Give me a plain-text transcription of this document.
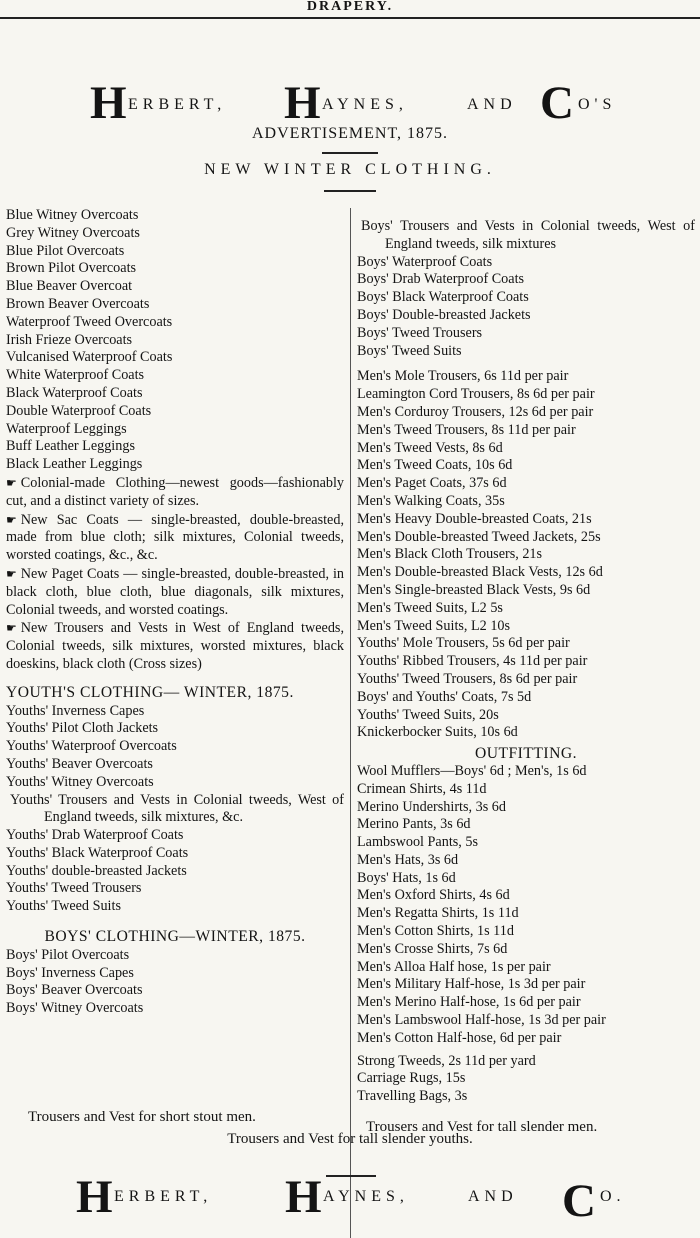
DRAPERY.
H ERBERT, H AYNES,	AND C O'S
ADVERTISEMENT, 1875.
NEW WINTER CLOTHING.
Blue Witney Overcoats
Grey Witney Overcoats
Blue Pilot Overcoats
Brown Pilot Overcoats
Blue Beaver Overcoat
Brown Beaver Overcoats
Waterproof Tweed Overcoats
Irish Frieze Overcoats
Vulcanised Waterproof Coats
White Waterproof Coats
Black Waterproof Coats
Double Waterproof Coats
Waterproof Leggings
Buff Leather Leggings
Black Leather Leggings
☛ Colonial-made Clothing—newest goods—fashionably cut, and a distinct variety of sizes.
☛ New Sac Coats — single-breasted, double-breasted, made from blue cloth; silk mixtures, Colonial tweeds, worsted coatings, &c., &c.
☛ New Paget Coats — single-breasted, double-breasted, in black cloth, blue cloth, blue diagonals, silk mixtures, Colonial tweeds, and worsted coatings.
☛ New Trousers and Vests in West of England tweeds, Colonial tweeds, silk mixtures, worsted mixtures, black doeskins, black cloth (Cross sizes)
YOUTH'S CLOTHING— WINTER, 1875.
Youths' Inverness Capes
Youths' Pilot Cloth Jackets
Youths' Waterproof Overcoats
Youths' Beaver Overcoats
Youths' Witney Overcoats
Youths' Trousers and Vests in Colonial tweeds, West of England tweeds, silk mixtures, &c.
Youths' Drab Waterproof Coats
Youths' Black Waterproof Coats
Youths' double-breasted Jackets
Youths' Tweed Trousers
Youths' Tweed Suits
BOYS' CLOTHING—WINTER, 1875.
Boys' Pilot Overcoats
Boys' Inverness Capes
Boys' Beaver Overcoats
Boys' Witney Overcoats
Boys' Trousers and Vests in Colonial tweeds, West of England tweeds, silk mixtures
Boys' Waterproof Coats
Boys' Drab Waterproof Coats
Boys' Black Waterproof Coats
Boys' Double-breasted Jackets
Boys' Tweed Trousers
Boys' Tweed Suits
Men's Mole Trousers, 6s 11d per pair
Leamington Cord Trousers, 8s 6d per pair
Men's Corduroy Trousers, 12s 6d per pair
Men's Tweed Trousers, 8s 11d per pair
Men's Tweed Vests, 8s 6d
Men's Tweed Coats, 10s 6d
Men's Paget Coats, 37s 6d
Men's Walking Coats, 35s
Men's Heavy Double-breasted Coats, 21s
Men's Double-breasted Tweed Jackets, 25s
Men's Black Cloth Trousers, 21s
Men's Double-breasted Black Vests, 12s 6d
Men's Single-breasted Black Vests, 9s 6d
Men's Tweed Suits, L2 5s
Men's Tweed Suits, L2 10s
Youths' Mole Trousers, 5s 6d per pair
Youths' Ribbed Trousers, 4s 11d per pair
Youths' Tweed Trousers, 8s 6d per pair
Boys' and Youths' Coats, 7s 5d
Youths' Tweed Suits, 20s
Knickerbocker Suits, 10s 6d
OUTFITTING.
Wool Mufflers—Boys' 6d ; Men's, 1s 6d
Crimean Shirts, 4s 11d
Merino Undershirts, 3s 6d
Merino Pants, 3s 6d
Lambswool Pants, 5s
Men's Hats, 3s 6d
Boys' Hats, 1s 6d
Men's Oxford Shirts, 4s 6d
Men's Regatta Shirts, 1s 11d
Men's Cotton Shirts, 1s 11d
Men's Crosse Shirts, 7s 6d
Men's Alloa Half hose, 1s per pair
Men's Military Half-hose, 1s 3d per pair
Men's Merino Half-hose, 1s 6d per pair
Men's Lambswool Half-hose, 1s 3d per pair
Men's Cotton Half-hose, 6d per pair
Strong Tweeds, 2s 11d per yard
Carriage Rugs, 15s
Travelling Bags, 3s
Trousers and Vest for short stout men.
Trousers and Vest for tall slender men.
Trousers and Vest for tall slender youths.
H ERBERT, H AYNES,	AND C O.
